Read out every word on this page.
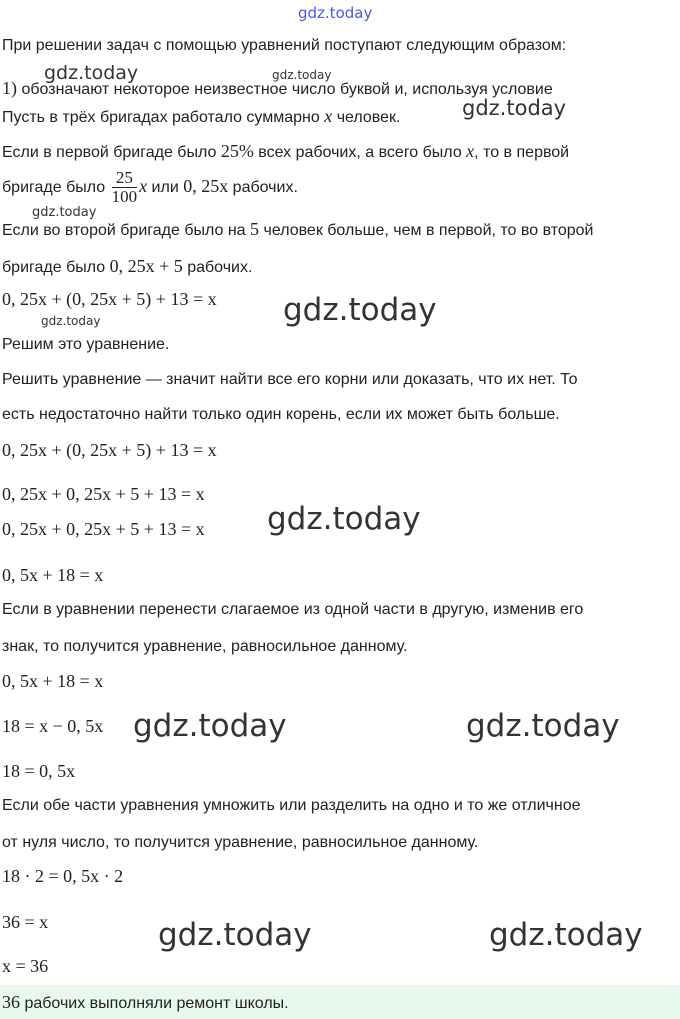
gdz.today
gdz.today	gdz.today
gdz.today
gdz.today
gdz.today
gdz.today
gdz.today
gdz.today	gdz.today
gdz.today	gdz.today
При решении задач с помощью уравнений поступают следующим образом:
1) обозначают некоторое неизвестное число буквой и, используя условие
Пусть в трёх бригадах работало суммарно x человек.
Если в первой бригаде было 25% всех рабочих, а всего было x, то в первой
бригаде было $\frac{25}{100}$ x или 0, 25x рабочих.
Если во второй бригаде было на 5 человек больше, чем в первой, то во второй
бригаде было 0, 25x + 5 рабочих.
0, 25x + (0, 25x + 5) + 13 = x
Решим это уравнение.
Решить уравнение — значит найти все его корни или доказать, что их нет. То
есть недостаточно найти только один корень, если их может быть больше.
0, 25x + (0, 25x + 5) + 13 = x
0, 25x + 0, 25x + 5 + 13 = x
0, 25x + 0, 25x + 5 + 13 = x
0, 5x + 18 = x
Если в уравнении перенести слагаемое из одной части в другую, изменив его
знак, то получится уравнение, равносильное данному.
0, 5x + 18 = x
18 = x − 0, 5x
18 = 0, 5x
Если обе части уравнения умножить или разделить на одно и то же отличное
от нуля число, то получится уравнение, равносильное данному.
18 · 2 = 0, 5x · 2
36 = x
x = 36
36 рабочих выполняли ремонт школы.
